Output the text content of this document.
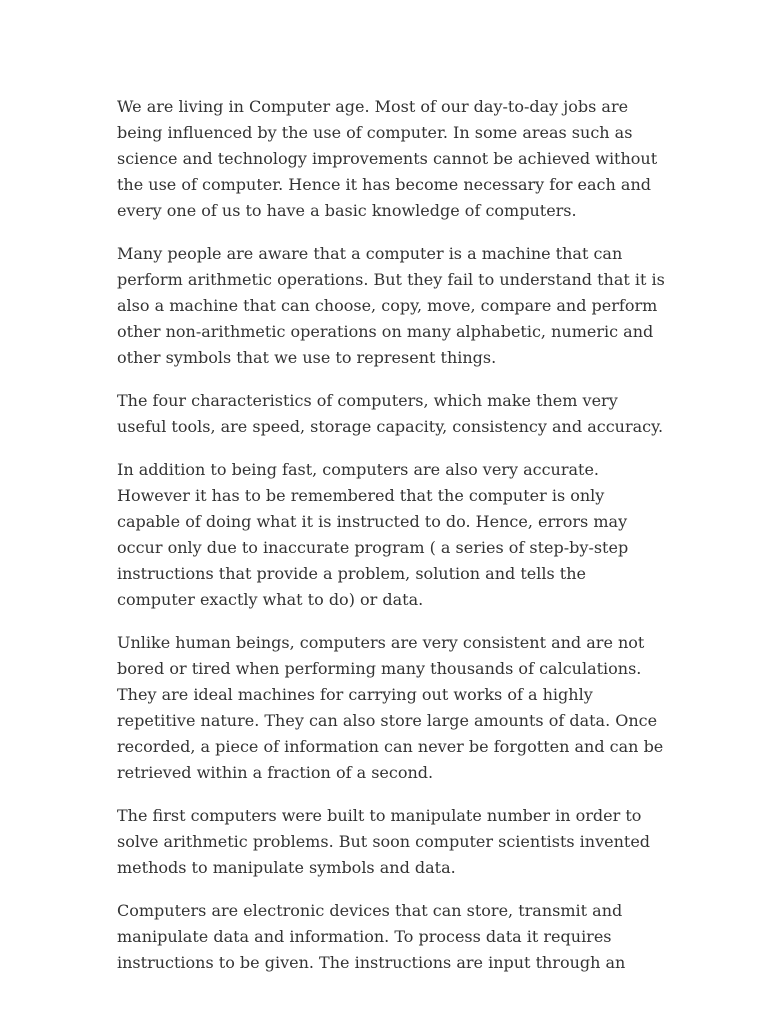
We are living in Computer age. Most of our day-to-day jobs are
being influenced by the use of computer. In some areas such as
science and technology improvements cannot be achieved without
the use of computer. Hence it has become necessary for each and
every one of us to have a basic knowledge of computers.

Many people are aware that a computer is a machine that can
perform arithmetic operations. But they fail to understand that it is
also a machine that can choose, copy, move, compare and perform
other non-arithmetic operations on many alphabetic, numeric and
other symbols that we use to represent things.

The four characteristics of computers, which make them very
useful tools, are speed, storage capacity, consistency and accuracy.

In addition to being fast, computers are also very accurate.
However it has to be remembered that the computer is only
capable of doing what it is instructed to do. Hence, errors may
occur only due to inaccurate program ( a series of step-by-step
instructions that provide a problem, solution and tells the
computer exactly what to do) or data.

Unlike human beings, computers are very consistent and are not
bored or tired when performing many thousands of calculations.
They are ideal machines for carrying out works of a highly
repetitive nature. They can also store large amounts of data. Once
recorded, a piece of information can never be forgotten and can be
retrieved within a fraction of a second.

The first computers were built to manipulate number in order to
solve arithmetic problems. But soon computer scientists invented
methods to manipulate symbols and data.

Computers are electronic devices that can store, transmit and
manipulate data and information. To process data it requires
instructions to be given. The instructions are input through an
